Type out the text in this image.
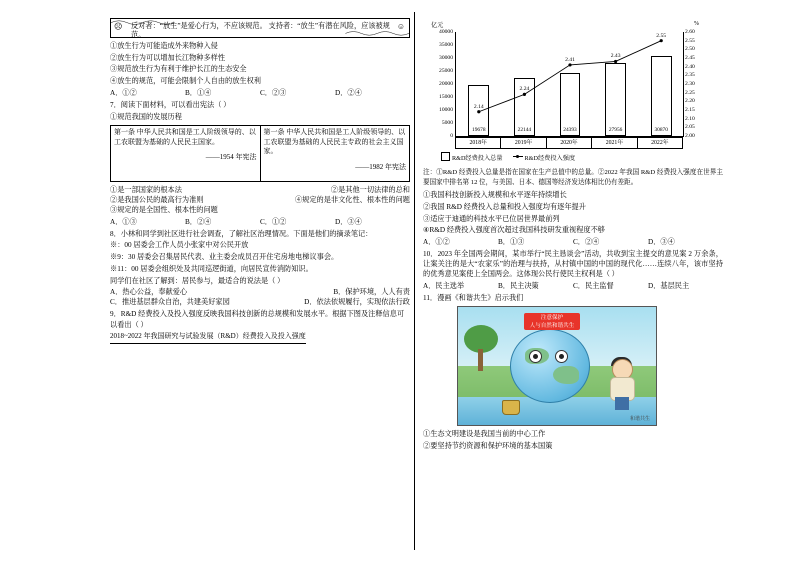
☹	☺
反对者：“放生”是爱心行为，不应该规范。 支持者：“放生”有潜在风险，应该被规范。

①放生行为可能造成外来物种入侵

②放生行为可以增加长江物种多样性

③规范放生行为有利于维护长江的生态安全

④放生的规范，可能会限制个人自由的放生权利

A．①②	B．①④	C．②③	D．②④

7．阅读下面材料，可以看出宪法（ ）

①规范我国的发展历程

第一条 中华人民共和国是工人阶级领导的、以工农联盟为基础的人民民主国家。
——1954 年宪法
	第一条 中华人民共和国是工人阶级领导的、以工农联盟为基础的人民民主专政的社会主义国家。
——1982 年宪法
①是一部国家的根本法	②是其他一切法律的总和
②是我国公民的最高行为准则	④规定的是非文化性、根本性的问题

③规定的是全国性、根本性的问题

A．①③	B．②④	C．①②	D．③④

8．小林和同学到社区进行社会调查，了解社区治理情况。下面是他们的摘录笔记：

※：00 居委会工作人员小张家中对公民开放

※9：30 居委会召集居民代表、业主委会成员召开住宅房地电梯议事会。

※11：00 居委会组织处及共同巡逻街道，向居民宣传消防知识。

同学们在社区了解到：居民参与，最适合的说法是（ ）

A．热心公益，奉献爱心	B．保护环境，人人有责
C．推进基层群众自治，共建美好家园	D．依法依规履行，实现依法行政

9．R&D 经费投入及投入强度反映我国科技创新的总规模和发展水平。根据下图及注释信息可以看出（ ）

2018~2022 年我国研究与试验发展（R&D）经费投入及投入强度

亿元	%
19678	22144	24393	27956	30870
2.14
2.24
2.41
2.43
2.55
40000
35000
30000
25000
20000
15000
10000
5000
0
2.60
2.55
2.50
2.45
2.40
2.35
2.30
2.25
2.20
2.15
2.10
2.05
2.00
2018年	2019年	2020年	2021年	2022年
R&D经费投入总量	R&D经费投入强度

注：①R&D 经费投入总量是指在国家在生产总值中的总量。②2022 年我国 R&D 经费投入强度在世界主要国家中排名第 12 位，与美国、日本、德国等经济发达体相比仍有差距。

①我国科技创新投入规模和水平逐年持续增长

②我国 R&D 经费投入总量和投入强度均有逐年提升

③适应于迪通的科技水平已位居世界最前列

④R&D 经费投入强度首次超过我国科技研发重视程度不够

A．①②	B．①③	C．②④	D．③④

10．2023 年全国两会期间，某市举行“民主恳谈会”活动，共收到宝主提交的意见案 2 万余条，让案关注的是大“农家乐”的治理与扶持，从村镇中国的中国的现代化……连续八年，该市坚持的优秀意见案使上全国两会。这体现公民行使民主权利是（ ）

A．民主选举	B．民主决策	C．民主监督	D．基层民主

11．漫画《和谐共生》启示我们

注意保护
人与自然和谐共生
和谐共生

①生态文明建设是我国当前的中心工作

②要坚持节约资源和保护环境的基本国策
